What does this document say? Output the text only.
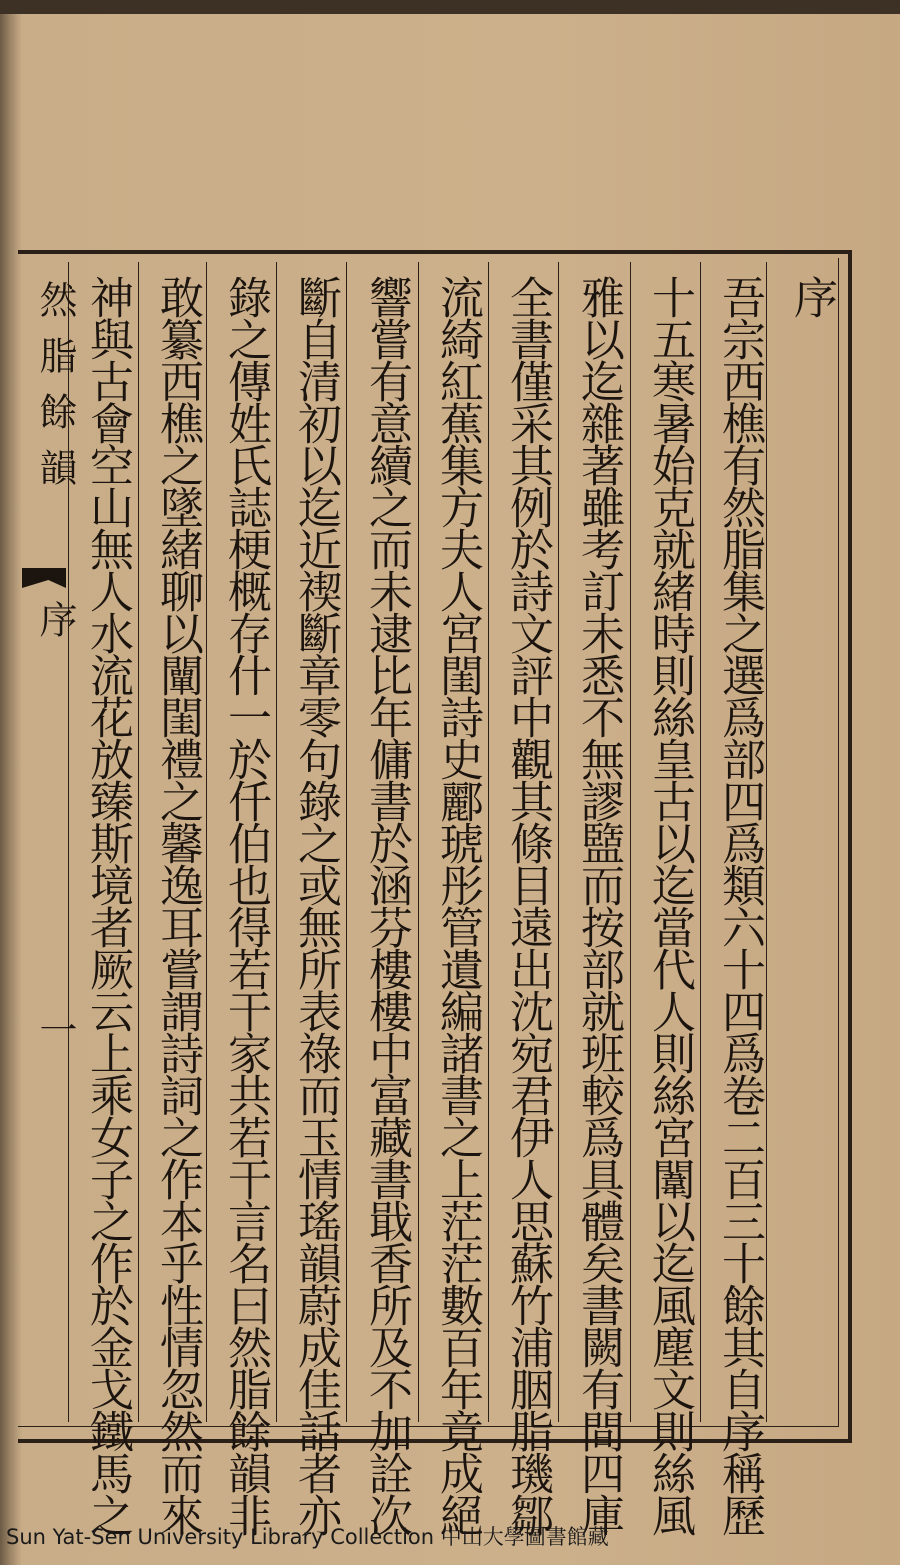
序
吾宗西樵有然脂集之選爲部四爲類六十四爲卷二百三十餘其自序稱歷
十五寒暑始克就緒時則絲皇古以迄當代人則絲宮闈以迄風塵文則絲風
雅以迄雜著雖考訂未悉不無謬盬而按部就班較爲具體矣書闕有間四庫
全書僅采其例於詩文評中觀其條目遠出沈宛君伊人思蘇竹浦胭脂璣鄒
流綺紅蕉集方夫人宮閨詩史酈琥彤管遺編諸書之上茫茫數百年竟成絕
響嘗有意續之而未逮比年傭書於涵芬樓樓中富藏書戢香所及不加詮次
斷自清初以迄近禊斷章零句錄之或無所表祿而玉情瑤韻蔚成佳話者亦
錄之傳姓氏誌梗概存什一於仟伯也得若干家共若干言名曰然脂餘韻非
敢纂西樵之墜緒聊以闡閨禮之馨逸耳嘗謂詩詞之作本乎性情忽然而來
神與古會空山無人水流花放臻斯境者厥云上乘女子之作於金戈鐵馬之
然脂餘韻
序
一
Sun Yat-Sen University Library Collection 中山大學圖書館藏
